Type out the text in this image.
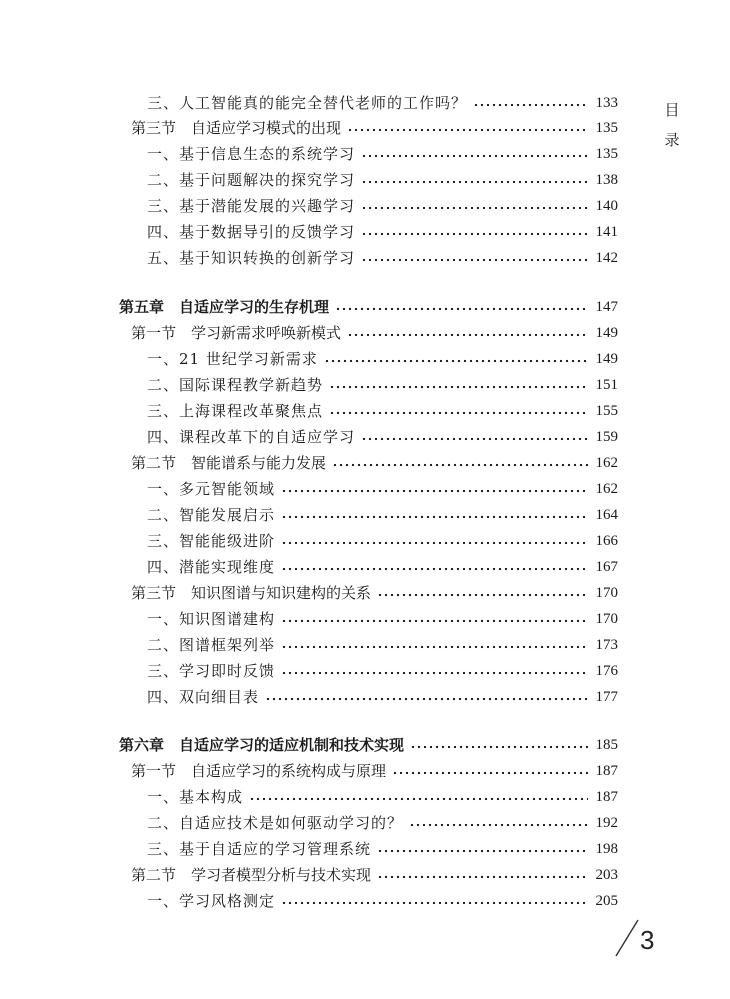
三、人工智能真的能完全替代老师的工作吗？	133
第三节　自适应学习模式的出现	135
一、基于信息生态的系统学习	135
二、基于问题解决的探究学习	138
三、基于潜能发展的兴趣学习	140
四、基于数据导引的反馈学习	141
五、基于知识转换的创新学习	142
第五章　自适应学习的生存机理	147
第一节　学习新需求呼唤新模式	149
一、21 世纪学习新需求	149
二、国际课程教学新趋势	151
三、上海课程改革聚焦点	155
四、课程改革下的自适应学习	159
第二节　智能谱系与能力发展	162
一、多元智能领域	162
二、智能发展启示	164
三、智能能级进阶	166
四、潜能实现维度	167
第三节　知识图谱与知识建构的关系	170
一、知识图谱建构	170
二、图谱框架列举	173
三、学习即时反馈	176
四、双向细目表	177
第六章　自适应学习的适应机制和技术实现	185
第一节　自适应学习的系统构成与原理	187
一、基本构成	187
二、自适应技术是如何驱动学习的？	192
三、基于自适应的学习管理系统	198
第二节　学习者模型分析与技术实现	203
一、学习风格测定	205
目
录
3
